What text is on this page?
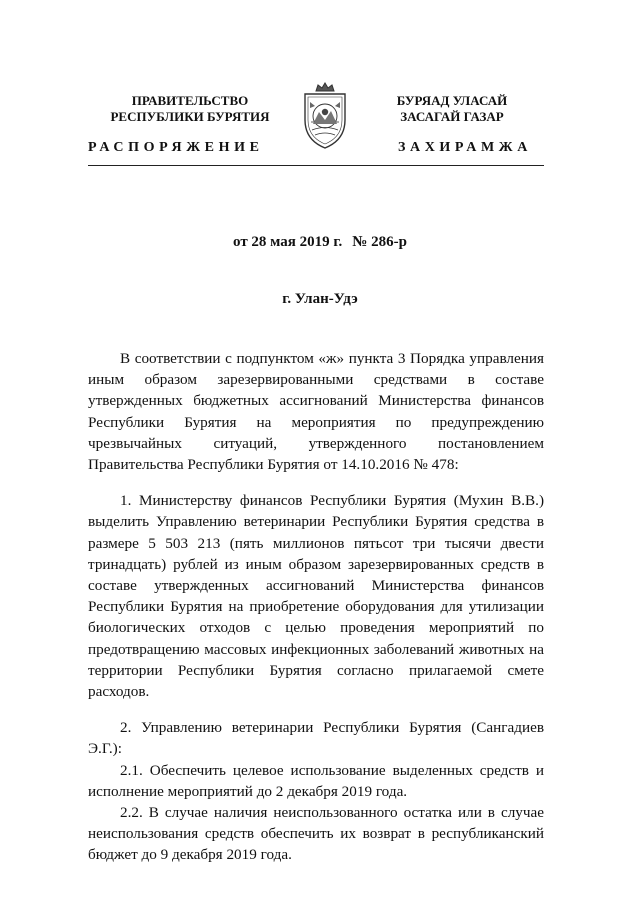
ПРАВИТЕЛЬСТВО
РЕСПУБЛИКИ БУРЯТИЯ
БУРЯАД УЛАСАЙ
ЗАСАГАЙ ГАЗАР
РАСПОРЯЖЕНИЕ	ЗАХИРАМЖА
от 28 мая 2019 г. № 286-р
г. Улан-Удэ

В соответствии с подпунктом «ж» пункта 3 Порядка управления иным образом зарезервированными средствами в составе утвержденных бюджетных ассигнований Министерства финансов Республики Бурятия на мероприятия по предупреждению чрезвычайных ситуаций, утвержденного постановлением Правительства Республики Бурятия от 14.10.2016 № 478:

1. Министерству финансов Республики Бурятия (Мухин В.В.) выделить Управлению ветеринарии Республики Бурятия средства в размере 5 503 213 (пять миллионов пятьсот три тысячи двести тринадцать) рублей из иным образом зарезервированных средств в составе утвержденных ассигнований Министерства финансов Республики Бурятия на приобретение оборудования для утилизации биологических отходов с целью проведения мероприятий по предотвращению массовых инфекционных заболеваний животных на территории Республики Бурятия согласно прилагаемой смете расходов.

2. Управлению ветеринарии Республики Бурятия (Сангадиев Э.Г.):

2.1. Обеспечить целевое использование выделенных средств и исполнение мероприятий до 2 декабря 2019 года.

2.2. В случае наличия неиспользованного остатка или в случае неиспользования средств обеспечить их возврат в республиканский бюджет до 9 декабря 2019 года.
